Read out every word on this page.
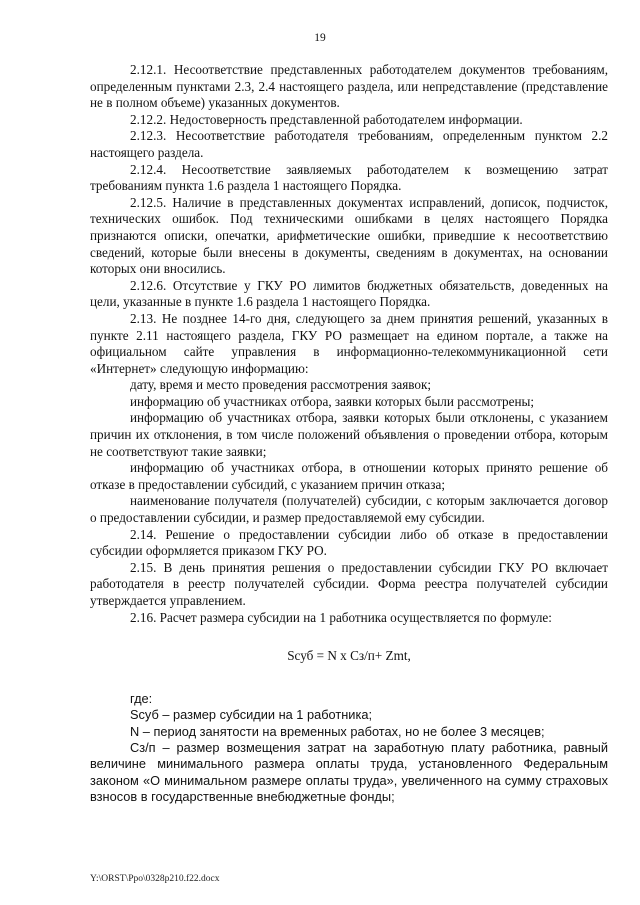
19

2.12.1. Несоответствие представленных работодателем документов требованиям, определенным пунктами 2.3, 2.4 настоящего раздела, или непредставление (представление не в полном объеме) указанных документов.

2.12.2. Недостоверность представленной работодателем информации.

2.12.3. Несоответствие работодателя требованиям, определенным пунктом 2.2 настоящего раздела.

2.12.4. Несоответствие заявляемых работодателем к возмещению затрат требованиям пункта 1.6 раздела 1 настоящего Порядка.

2.12.5. Наличие в представленных документах исправлений, дописок, подчисток, технических ошибок. Под техническими ошибками в целях настоящего Порядка признаются описки, опечатки, арифметические ошибки, приведшие к несоответствию сведений, которые были внесены в документы, сведениям в документах, на основании которых они вносились.

2.12.6. Отсутствие у ГКУ РО лимитов бюджетных обязательств, доведенных на цели, указанные в пункте 1.6 раздела 1 настоящего Порядка.

2.13. Не позднее 14-го дня, следующего за днем принятия решений, указанных в пункте 2.11 настоящего раздела, ГКУ РО размещает на едином портале, а также на официальном сайте управления в информационно-телекоммуникационной сети «Интернет» следующую информацию:

дату, время и место проведения рассмотрения заявок;

информацию об участниках отбора, заявки которых были рассмотрены;

информацию об участниках отбора, заявки которых были отклонены, с указанием причин их отклонения, в том числе положений объявления о проведении отбора, которым не соответствуют такие заявки;

информацию об участниках отбора, в отношении которых принято решение об отказе в предоставлении субсидий, с указанием причин отказа;

наименование получателя (получателей) субсидии, с которым заключается договор о предоставлении субсидии, и размер предоставляемой ему субсидии.

2.14. Решение о предоставлении субсидии либо об отказе в предоставлении субсидии оформляется приказом ГКУ РО.

2.15. В день принятия решения о предоставлении субсидии ГКУ РО включает работодателя в реестр получателей субсидии. Форма реестра получателей субсидии утверждается управлением.

2.16. Расчет размера субсидии на 1 работника осуществляется по формуле:

Sсуб = N x Сз/п+ Zmt,

где:

Sсуб – размер субсидии на 1 работника;

N – период занятости на временных работах, но не более 3 месяцев;

Сз/п – размер возмещения затрат на заработную плату работника, равный величине минимального размера оплаты труда, установленного Федеральным законом «О минимальном размере оплаты труда», увеличенного на сумму страховых взносов в государственные внебюджетные фонды;

Y:\ORST\Ppo\0328p210.f22.docx
